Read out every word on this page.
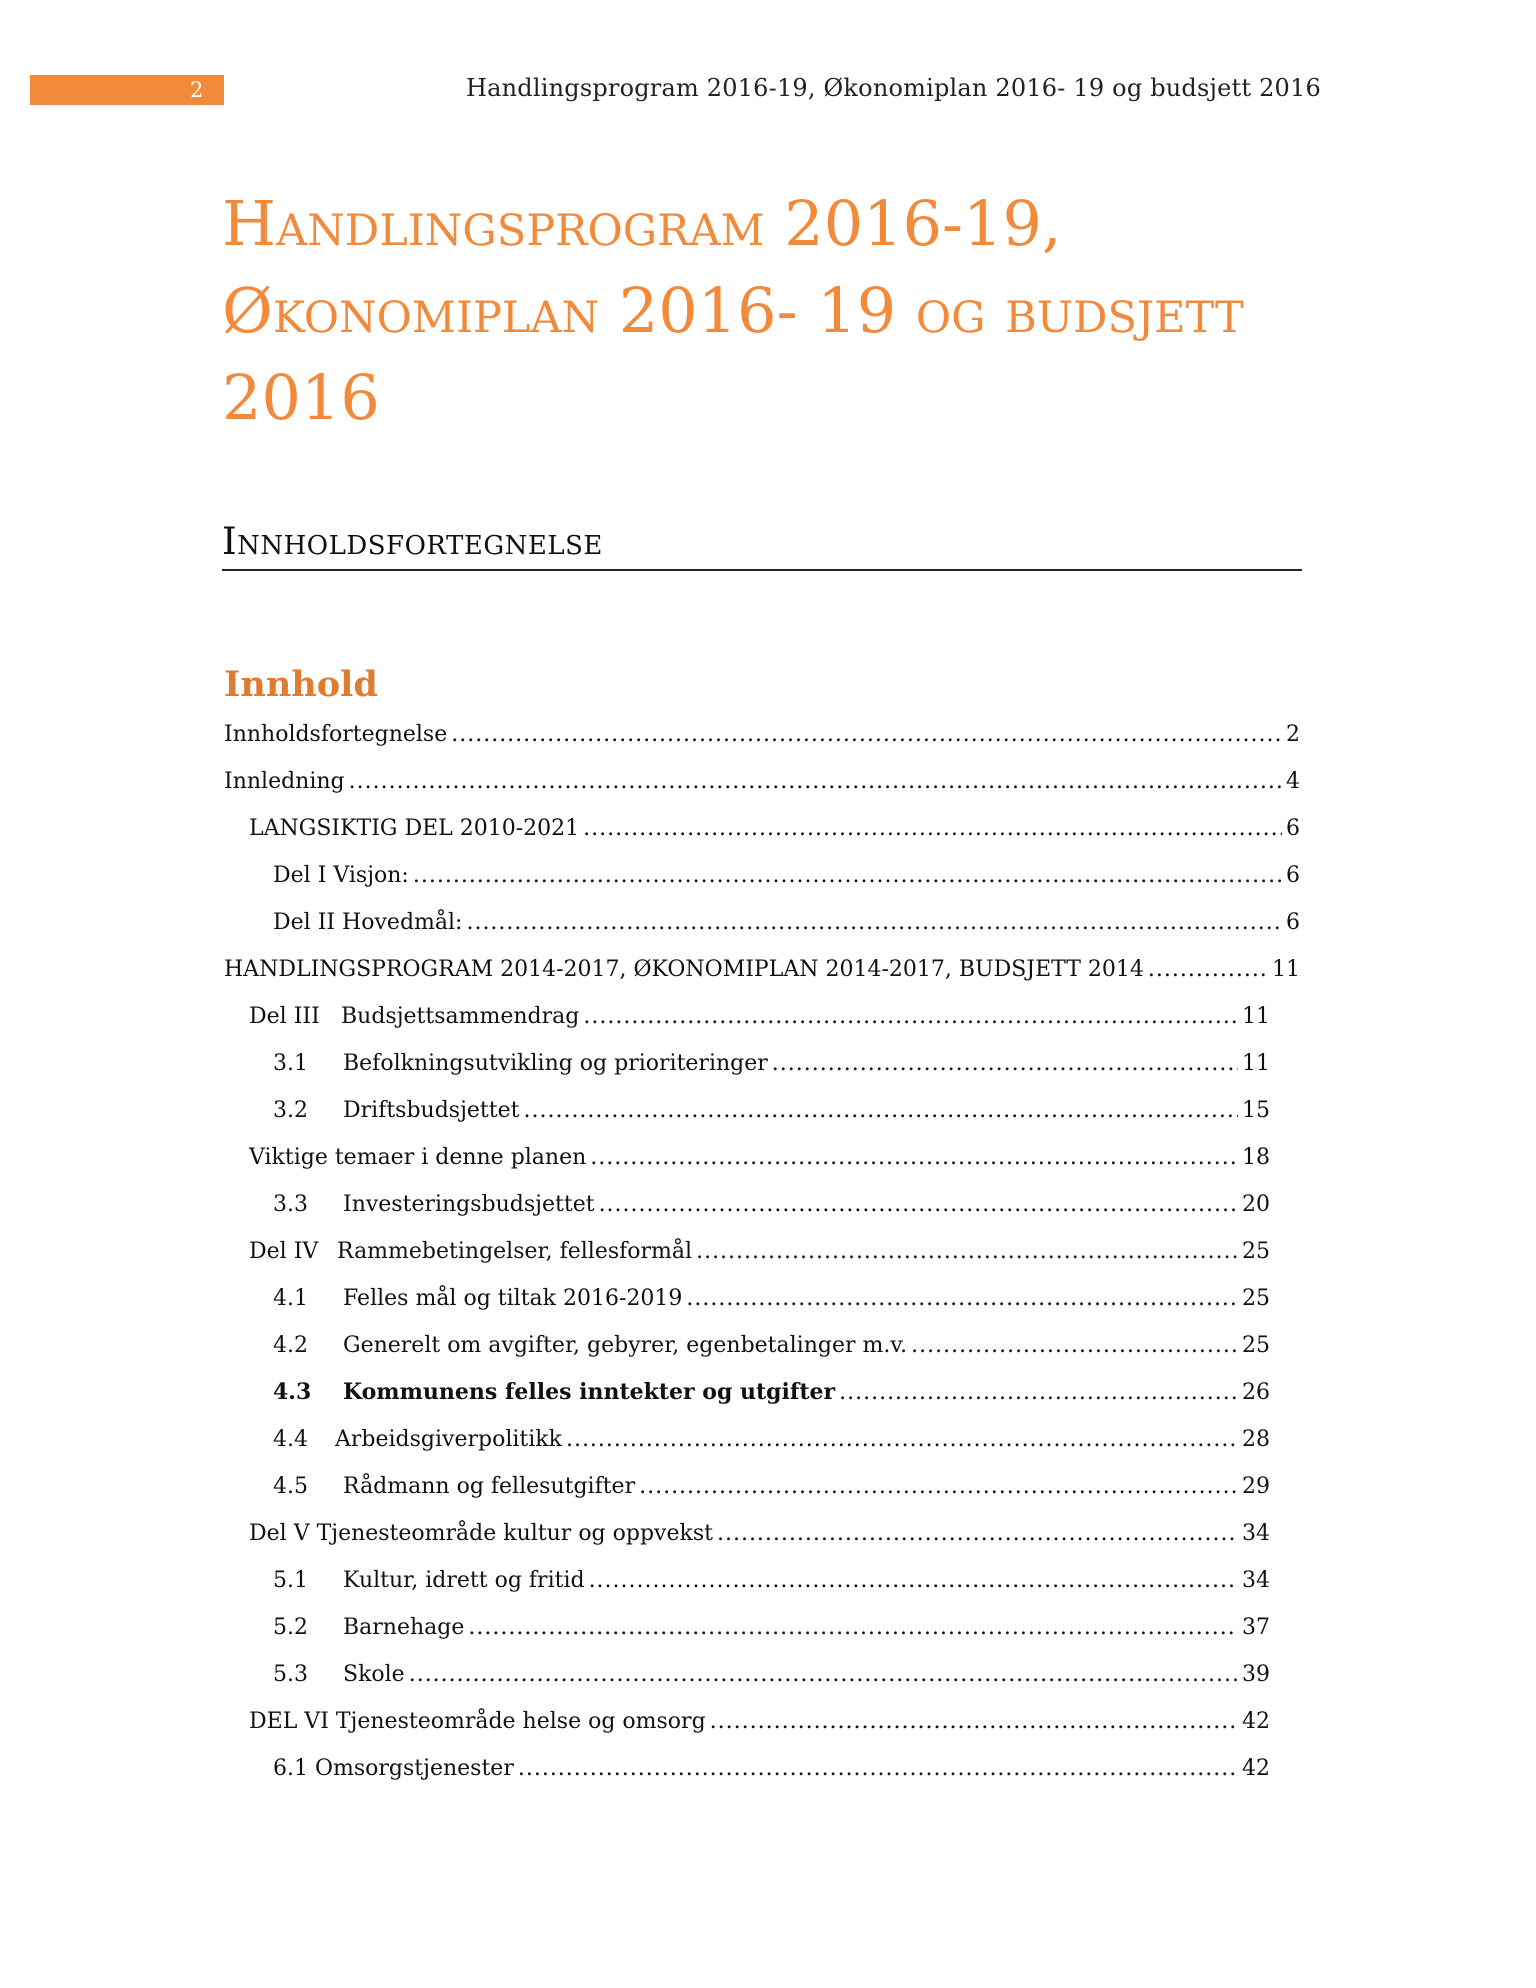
2	Handlingsprogram 2016-19, Økonomiplan 2016- 19 og budsjett 2016
Handlingsprogram 2016-19,
Økonomiplan 2016- 19 og budsjett
2016
Innholdsfortegnelse
Innhold
Innholdsfortegnelse .....	2
Innledning .....	4
LANGSIKTIG DEL 2010-2021 .....	6
Del I Visjon: .....	6
Del II Hovedmål: .....	6
HANDLINGSPROGRAM 2014-2017, ØKONOMIPLAN 2014-2017, BUDSJETT 2014 .....	11
Del III Budsjettsammendrag .....	11
3.1	Befolkningsutvikling og prioriteringer .....	11
3.2	Driftsbudsjettet .....	15
Viktige temaer i denne planen .....	18
3.3	Investeringsbudsjettet .....	20
Del IV Rammebetingelser, fellesformål .....	25
4.1	Felles mål og tiltak 2016-2019 .....	25
4.2	Generelt om avgifter, gebyrer, egenbetalinger m.v. .....	25
4.3	Kommunens felles inntekter og utgifter .....	26
4.4	Arbeidsgiverpolitikk .....	28
4.5	Rådmann og fellesutgifter .....	29
Del V Tjenesteområde kultur og oppvekst .....	34
5.1	Kultur, idrett og fritid .....	34
5.2	Barnehage .....	37
5.3	Skole .....	39
DEL VI Tjenesteområde helse og omsorg .....	42
6.1 Omsorgstjenester .....	42
